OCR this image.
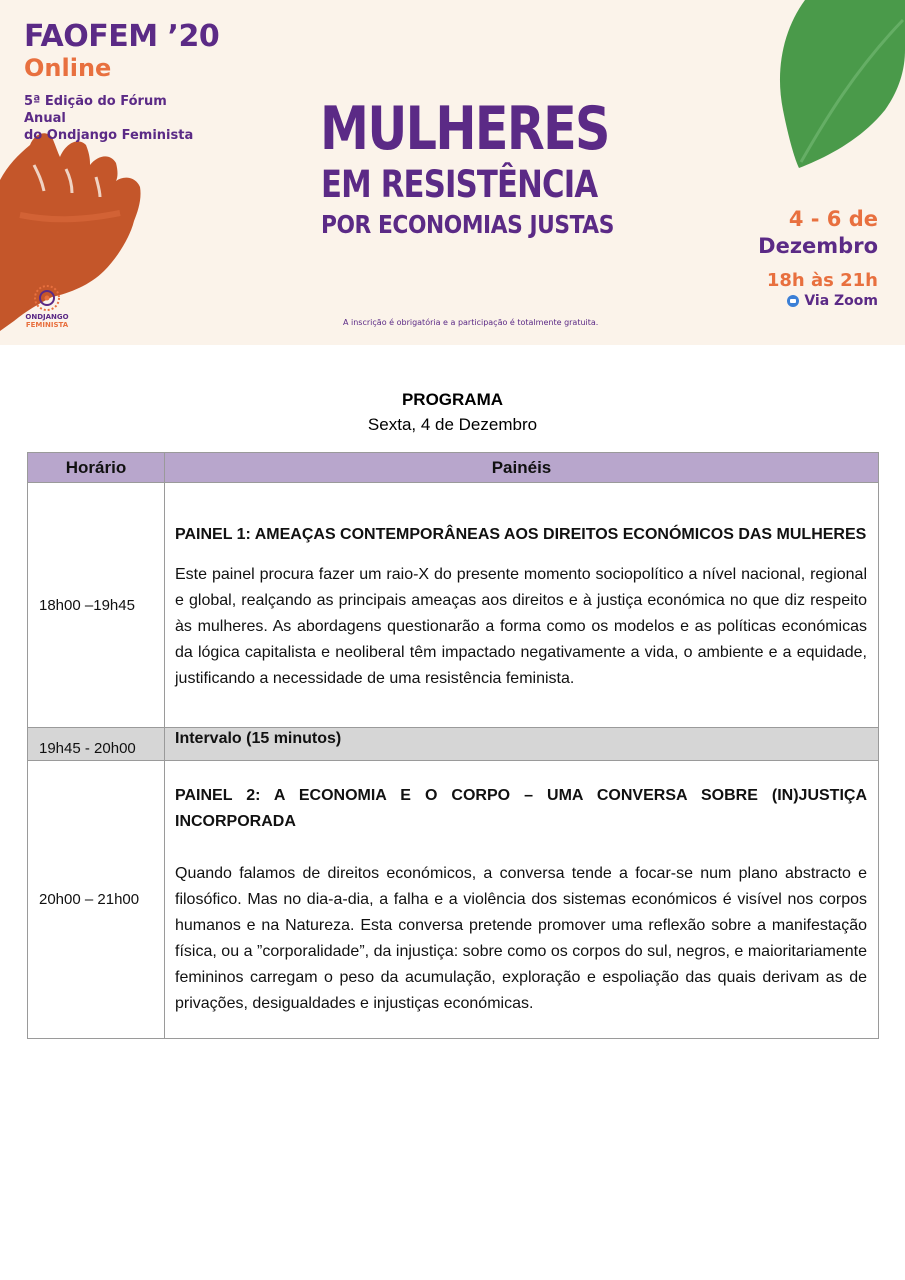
FAOFEM ’20
Online
5ª Edição do Fórum Anual
do Ondjango Feminista MULHERES
EM RESISTÊNCIA
POR ECONOMIAS JUSTAS	4 - 6 de
Dezembro
18h às 21h
Via Zoom
A inscrição é obrigatória e a participação é totalmente gratuita.
ONDJANGO
FEMINISTA
PROGRAMA
Sexta, 4 de Dezembro
Horário	Painéis
18h00 –19h45	PAINEL 1: AMEAÇAS CONTEMPORÂNEAS AOS DIREITOS ECONÓMICOS DAS MULHERES

Este painel procura fazer um raio-X do presente momento sociopolítico a nível nacional, regional e global, realçando as principais ameaças aos direitos e à justiça económica no que diz respeito às mulheres. As abordagens questionarão a forma como os modelos e as políticas económicas da lógica capitalista e neoliberal têm impactado negativamente a vida, o ambiente e a equidade, justificando a necessidade de uma resistência feminista.

19h45 - 20h00	Intervalo (15 minutos)
20h00 – 21h00	PAINEL 2: A ECONOMIA E O CORPO – UMA CONVERSA SOBRE (IN)JUSTIÇA INCORPORADA

Quando falamos de direitos económicos, a conversa tende a focar-se num plano abstracto e filosófico. Mas no dia-a-dia, a falha e a violência dos sistemas económicos é visível nos corpos humanos e na Natureza. Esta conversa pretende promover uma reflexão sobre a manifestação física, ou a ”corporalidade”, da injustiça: sobre como os corpos do sul, negros, e maioritariamente femininos carregam o peso da acumulação, exploração e espoliação das quais derivam as de privações, desigualdades e injustiças económicas.
